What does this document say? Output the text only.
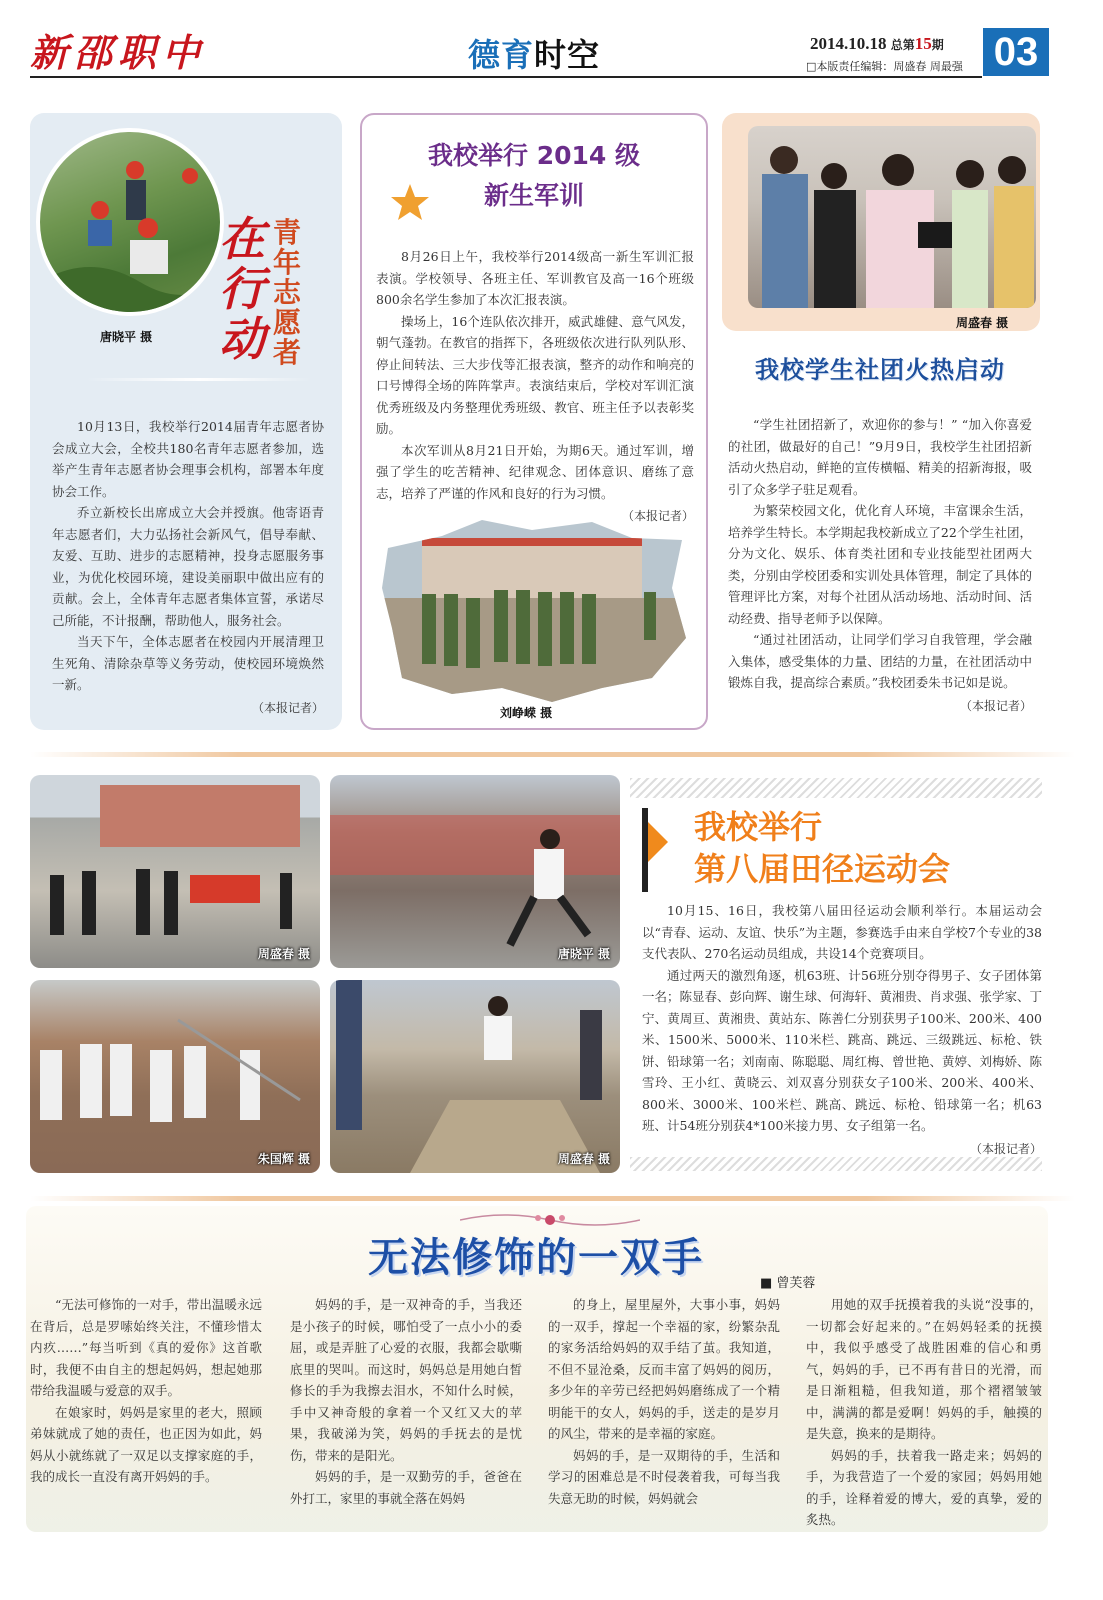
新邵职中	德育时空	2014.10.18 总第15期
□本版责任编辑：周盛春 周最强 03
唐晓平 摄
在行动
青年志愿者

10月13日，我校举行2014届青年志愿者协会成立大会，全校共180名青年志愿者参加，选举产生青年志愿者协会理事会机构，部署本年度协会工作。

乔立新校长出席成立大会并授旗。他寄语青年志愿者们，大力弘扬社会新风气，倡导奉献、友爱、互助、进步的志愿精神，投身志愿服务事业，为优化校园环境，建设美丽职中做出应有的贡献。会上，全体青年志愿者集体宣誓，承诺尽己所能，不计报酬，帮助他人，服务社会。

当天下午，全体志愿者在校园内开展清理卫生死角、清除杂草等义务劳动，使校园环境焕然一新。

（本报记者）
我校举行 2014 级
新生军训

8月26日上午，我校举行2014级高一新生军训汇报表演。学校领导、各班主任、军训教官及高一16个班级800余名学生参加了本次汇报表演。

操场上，16个连队依次排开，威武雄健、意气风发，朝气蓬勃。在教官的指挥下，各班级依次进行队列队形、停止间转法、三大步伐等汇报表演，整齐的动作和响亮的口号博得全场的阵阵掌声。表演结束后，学校对军训汇演优秀班级及内务整理优秀班级、教官、班主任予以表彰奖励。

本次军训从8月21日开始，为期6天。通过军训，增强了学生的吃苦精神、纪律观念、团体意识、磨练了意志，培养了严谨的作风和良好的行为习惯。

（本报记者）
刘峥嵘 摄
周盛春 摄
我校学生社团火热启动

“学生社团招新了，欢迎你的参与！” “加入你喜爱的社团，做最好的自己！”9月9日，我校学生社团招新活动火热启动，鲜艳的宣传横幅、精美的招新海报，吸引了众多学子驻足观看。

为繁荣校园文化，优化育人环境，丰富课余生活，培养学生特长。本学期起我校新成立了22个学生社团，分为文化、娱乐、体育类社团和专业技能型社团两大类，分别由学校团委和实训处具体管理，制定了具体的管理评比方案，对每个社团从活动场地、活动时间、活动经费、指导老师予以保障。

“通过社团活动，让同学们学习自我管理，学会融入集体，感受集体的力量、团结的力量，在社团活动中锻炼自我，提高综合素质。”我校团委朱书记如是说。

（本报记者）
周盛春 摄	唐晓平 摄
朱国辉 摄	周盛春 摄
我校举行
第八届田径运动会

10月15、16日，我校第八届田径运动会顺利举行。本届运动会以“青春、运动、友谊、快乐”为主题，参赛选手由来自学校7个专业的38支代表队、270名运动员组成，共设14个竞赛项目。

通过两天的激烈角逐，机63班、计56班分别夺得男子、女子团体第一名；陈显春、彭向辉、谢生球、何海轩、黄湘贵、肖求强、张学家、丁宁、黄周亘、黄湘贵、黄站东、陈善仁分别获男子100米、200米、400米、1500米、5000米、110米栏、跳高、跳远、三级跳远、标枪、铁饼、铅球第一名；刘南南、陈聪聪、周红梅、曾世艳、黄婷、刘梅娇、陈雪玲、王小红、黄晓云、刘双喜分别获女子100米、200米、400米、800米、3000米、100米栏、跳高、跳远、标枪、铅球第一名；机63班、计54班分别获4*100米接力男、女子组第一名。

（本报记者）
无法修饰的一双手
■ 曾芙蓉

“无法可修饰的一对手，带出温暖永远在背后，总是罗嗦始终关注，不懂珍惜太内疚……”每当听到《真的爱你》这首歌时，我便不由自主的想起妈妈，想起她那带给我温暖与爱意的双手。

在娘家时，妈妈是家里的老大，照顾弟妹就成了她的责任，也正因为如此，妈妈从小就练就了一双足以支撑家庭的手，我的成长一直没有离开妈妈的手。

妈妈的手，是一双神奇的手，当我还是小孩子的时候，哪怕受了一点小小的委屈，或是弄脏了心爱的衣服，我都会歇嘶底里的哭叫。而这时，妈妈总是用她白皙修长的手为我擦去泪水，不知什么时候，手中又神奇般的拿着一个又红又大的苹果，我破涕为笑，妈妈的手抚去的是忧伤，带来的是阳光。

妈妈的手，是一双勤劳的手，爸爸在外打工，家里的事就全落在妈妈

的身上，屋里屋外，大事小事，妈妈的一双手，撑起一个幸福的家，纷繁杂乱的家务活给妈妈的双手结了茧。我知道，不但不显沧桑，反而丰富了妈妈的阅历，多少年的辛劳已经把妈妈磨练成了一个精明能干的女人，妈妈的手，送走的是岁月的风尘，带来的是幸福的家庭。

妈妈的手，是一双期待的手，生活和学习的困难总是不时侵袭着我，可每当我失意无助的时候，妈妈就会

用她的双手抚摸着我的头说“没事的，一切都会好起来的。”在妈妈轻柔的抚摸中，我似乎感受了战胜困难的信心和勇气，妈妈的手，已不再有昔日的光滑，而是日渐粗糙，但我知道，那个褶褶皱皱中，满满的都是爱啊！妈妈的手，触摸的是失意，换来的是期待。

妈妈的手，扶着我一路走来；妈妈的手，为我营造了一个爱的家园；妈妈用她的手，诠释着爱的博大，爱的真挚，爱的炙热。
